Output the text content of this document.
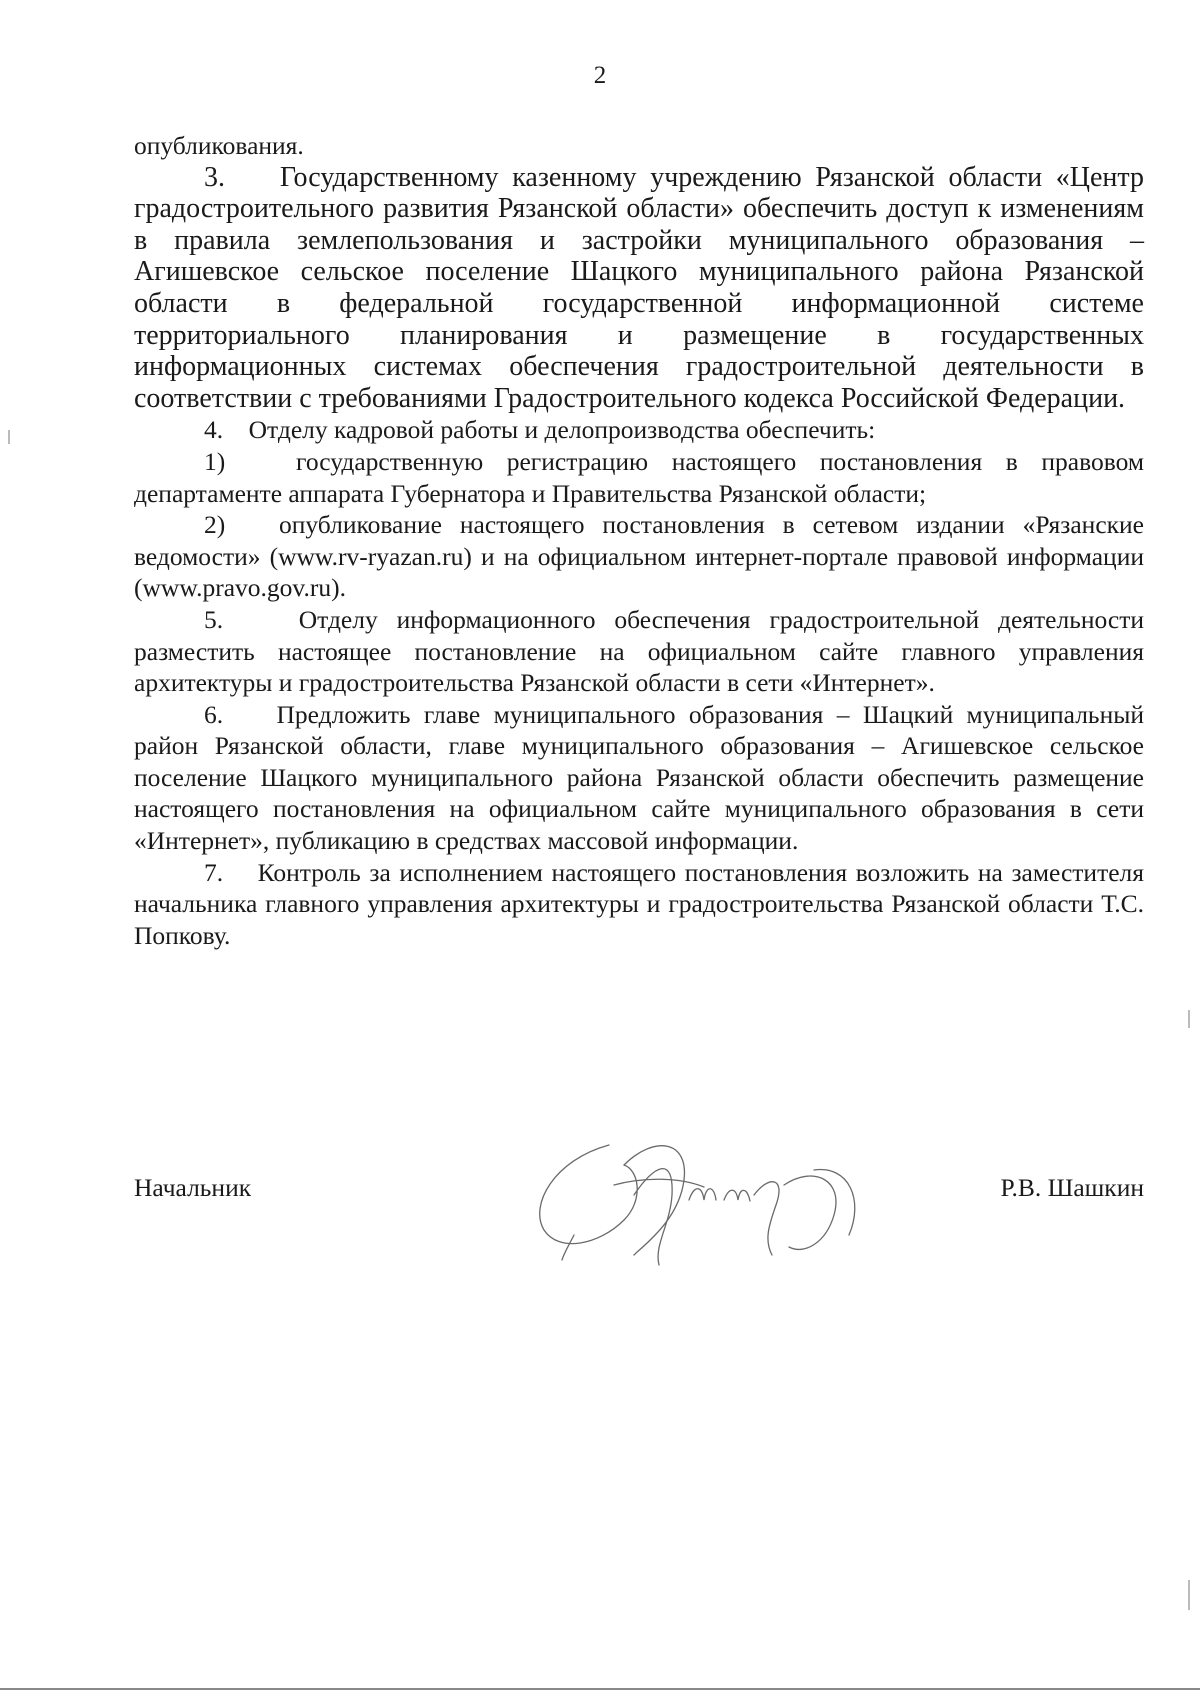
2

опубликования.

3.    Государственному казенному учреждению Рязанской области «Центр градостроительного развития Рязанской области» обеспечить доступ к изменениям в правила землепользования и застройки муниципального образования – Агишевское сельское поселение Шацкого муниципального района Рязанской области в федеральной государственной информационной системе территориального планирования и размещение в государственных информационных системах обеспечения градостроительной деятельности в соответствии с требованиями Градостроительного кодекса Российской Федерации.

4.    Отделу кадровой работы и делопроизводства обеспечить:

1)   государственную регистрацию настоящего постановления в правовом департаменте аппарата Губернатора и Правительства Рязанской области;

2)   опубликование настоящего постановления в сетевом издании «Рязанские ведомости» (www.rv-ryazan.ru) и на официальном интернет-портале правовой информации (www.pravo.gov.ru).

5.    Отделу информационного обеспечения градостроительной деятельности разместить настоящее постановление на официальном сайте главного управления архитектуры и градостроительства Рязанской области в сети «Интернет».

6.    Предложить главе муниципального образования – Шацкий муниципальный район Рязанской области, главе муниципального образования – Агишевское сельское поселение Шацкого муниципального района Рязанской области обеспечить размещение настоящего постановления на официальном сайте муниципального образования в сети «Интернет», публикацию в средствах массовой информации.

7.    Контроль за исполнением настоящего постановления возложить на заместителя начальника главного управления архитектуры и градостроительства Рязанской области Т.С. Попкову.

Начальник	Р.В. Шашкин
